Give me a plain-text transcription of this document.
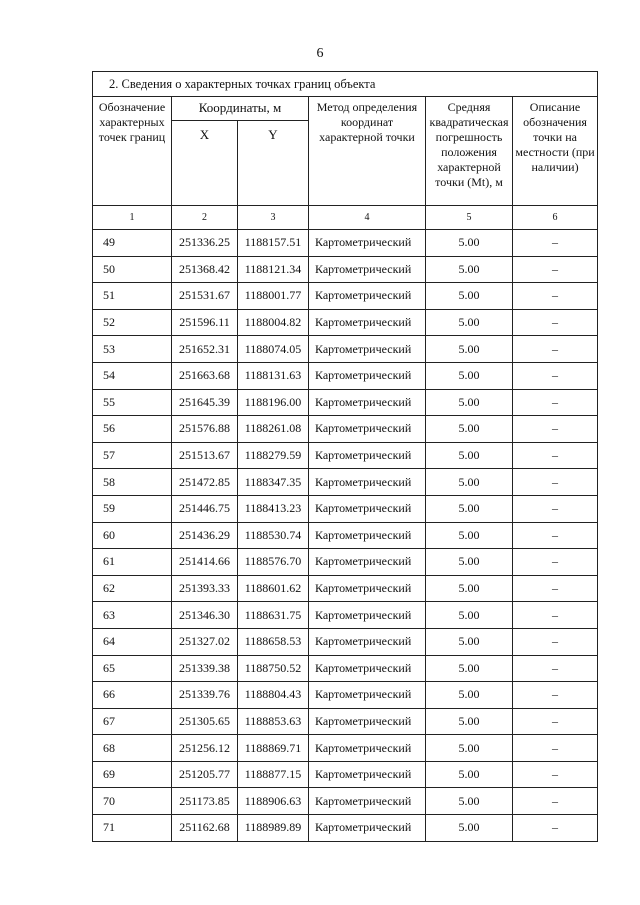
6
2. Сведения о характерных точках границ объекта					
Обозначение характерных точек границ	Координаты, м		Метод определения координат характерной точки	Средняя квадратическая погрешность положения характерной точки (Mt), м	Описание обозначения точки на местности (при наличии)
	X	Y			
1	2	3	4	5	6
49	251336.25	1188157.51	Картометрический	5.00	–
50	251368.42	1188121.34	Картометрический	5.00	–
51	251531.67	1188001.77	Картометрический	5.00	–
52	251596.11	1188004.82	Картометрический	5.00	–
53	251652.31	1188074.05	Картометрический	5.00	–
54	251663.68	1188131.63	Картометрический	5.00	–
55	251645.39	1188196.00	Картометрический	5.00	–
56	251576.88	1188261.08	Картометрический	5.00	–
57	251513.67	1188279.59	Картометрический	5.00	–
58	251472.85	1188347.35	Картометрический	5.00	–
59	251446.75	1188413.23	Картометрический	5.00	–
60	251436.29	1188530.74	Картометрический	5.00	–
61	251414.66	1188576.70	Картометрический	5.00	–
62	251393.33	1188601.62	Картометрический	5.00	–
63	251346.30	1188631.75	Картометрический	5.00	–
64	251327.02	1188658.53	Картометрический	5.00	–
65	251339.38	1188750.52	Картометрический	5.00	–
66	251339.76	1188804.43	Картометрический	5.00	–
67	251305.65	1188853.63	Картометрический	5.00	–
68	251256.12	1188869.71	Картометрический	5.00	–
69	251205.77	1188877.15	Картометрический	5.00	–
70	251173.85	1188906.63	Картометрический	5.00	–
71	251162.68	1188989.89	Картометрический	5.00	–
